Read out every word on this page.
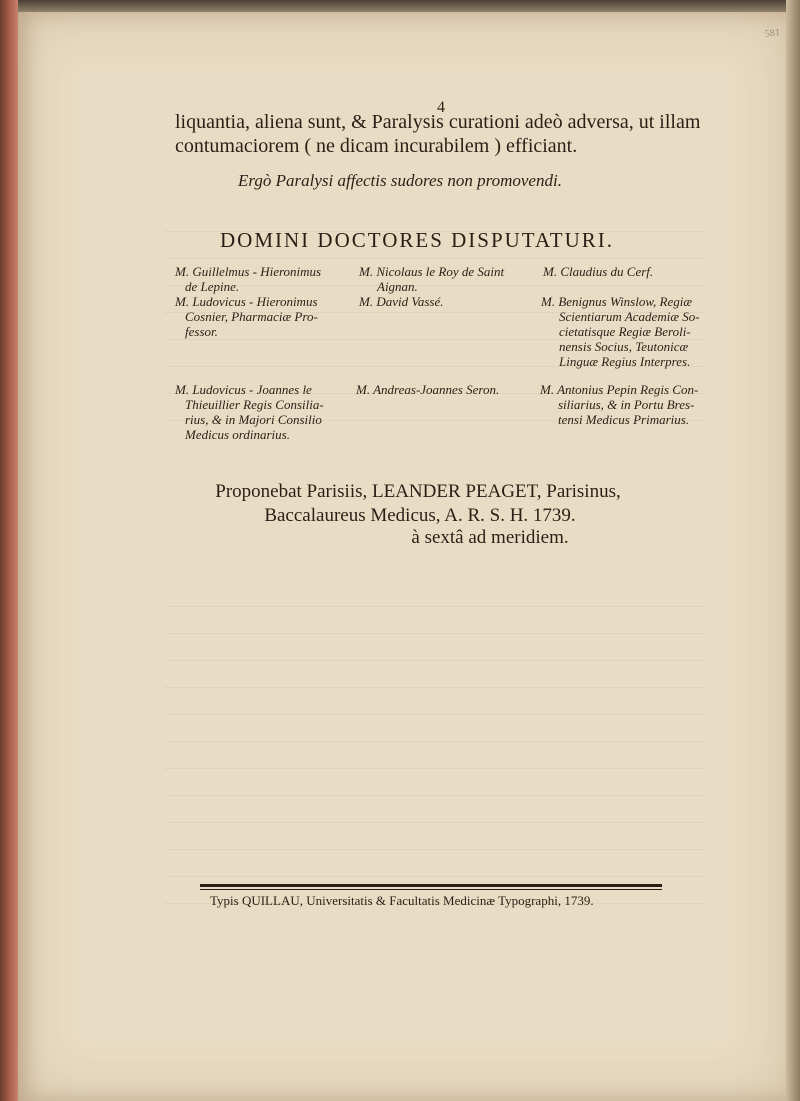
581
4
liquantia, aliena sunt, & Paralysis curationi adeò adversa, ut illam
contumaciorem ( ne dicam incurabilem ) efficiant.
Ergò Paralysi affectis sudores non promovendi.
DOMINI DOCTORES DISPUTATURI.
M. Guillelmus - Hieronimus
de Lepine.
M. Ludovicus - Hieronimus
Cosnier, Pharmaciæ Pro-
fessor.
M. Ludovicus - Joannes le
Thieuillier Regis Consilia-
rius, & in Majori Consilio
Medicus ordinarius.
M. Nicolaus le Roy de Saint
Aignan.
M. David Vassé.
M. Andreas-Joannes Seron.
M. Claudius du Cerf.
M. Benignus Winslow, Regiæ
Scientiarum Academiæ So-
cietatisque Regiæ Beroli-
nensis Socius, Teutonicæ
Linguæ Regius Interpres.
M. Antonius Pepin Regis Con-
siliarius, & in Portu Bres-
tensi Medicus Primarius.
Proponebat Parisiis, LEANDER PEAGET, Parisinus,
Baccalaureus Medicus, A. R. S. H. 1739.
à sextâ ad meridiem.
Typis QUILLAU, Universitatis & Facultatis Medicinæ Typographi, 1739.
